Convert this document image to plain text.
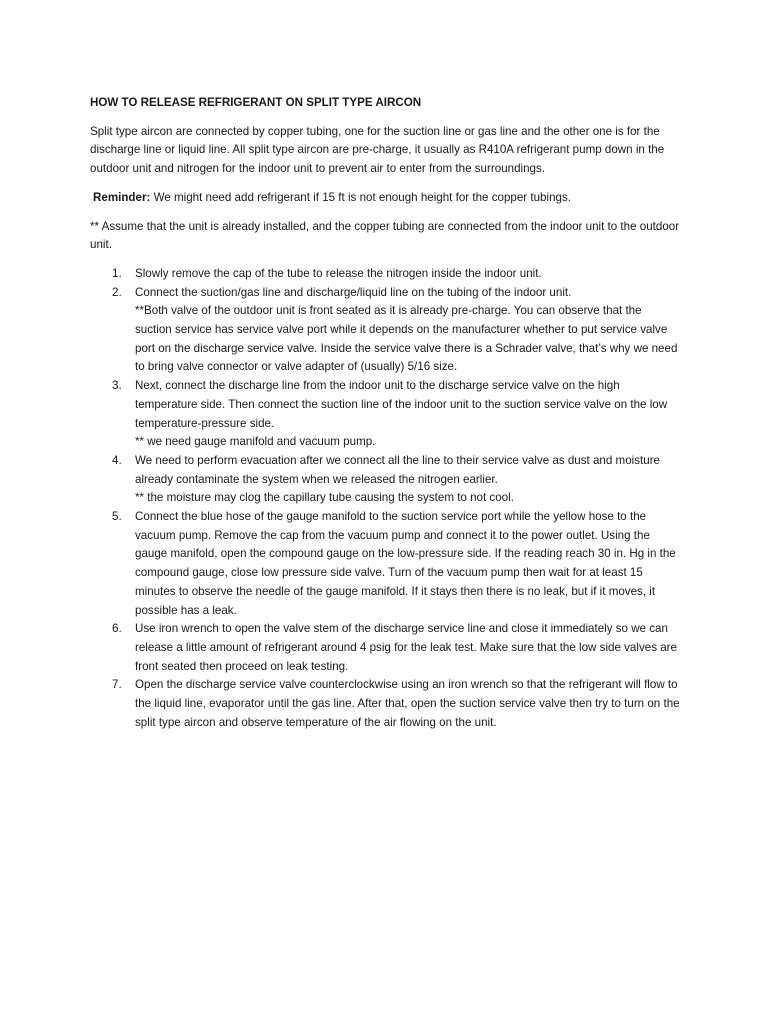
HOW TO RELEASE REFRIGERANT ON SPLIT TYPE AIRCON

Split type aircon are connected by copper tubing, one for the suction line or gas line and the other one is for the discharge line or liquid line. All split type aircon are pre-charge, it usually as R410A refrigerant pump down in the outdoor unit and nitrogen for the indoor unit to prevent air to enter from the surroundings.

Reminder: We might need add refrigerant if 15 ft is not enough height for the copper tubings.

** Assume that the unit is already installed, and the copper tubing are connected from the indoor unit to the outdoor unit.

1. Slowly remove the cap of the tube to release the nitrogen inside the indoor unit.
2. Connect the suction/gas line and discharge/liquid line on the tubing of the indoor unit.
**Both valve of the outdoor unit is front seated as it is already pre-charge. You can observe that the suction service has service valve port while it depends on the manufacturer whether to put service valve port on the discharge service valve. Inside the service valve there is a Schrader valve, that’s why we need to bring valve connector or valve adapter of (usually) 5/16 size.
3. Next, connect the discharge line from the indoor unit to the discharge service valve on the high temperature side. Then connect the suction line of the indoor unit to the suction service valve on the low temperature-pressure side.
** we need gauge manifold and vacuum pump.
4. We need to perform evacuation after we connect all the line to their service valve as dust and moisture already contaminate the system when we released the nitrogen earlier.
** the moisture may clog the capillary tube causing the system to not cool.
5. Connect the blue hose of the gauge manifold to the suction service port while the yellow hose to the vacuum pump. Remove the cap from the vacuum pump and connect it to the power outlet. Using the gauge manifold, open the compound gauge on the low-pressure side. If the reading reach 30 in. Hg in the compound gauge, close low pressure side valve. Turn of the vacuum pump then wait for at least 15 minutes to observe the needle of the gauge manifold. If it stays then there is no leak, but if it moves, it possible has a leak.
6. Use iron wrench to open the valve stem of the discharge service line and close it immediately so we can release a little amount of refrigerant around 4 psig for the leak test. Make sure that the low side valves are front seated then proceed on leak testing.
7. Open the discharge service valve counterclockwise using an iron wrench so that the refrigerant will flow to the liquid line, evaporator until the gas line. After that, open the suction service valve then try to turn on the split type aircon and observe temperature of the air flowing on the unit.
